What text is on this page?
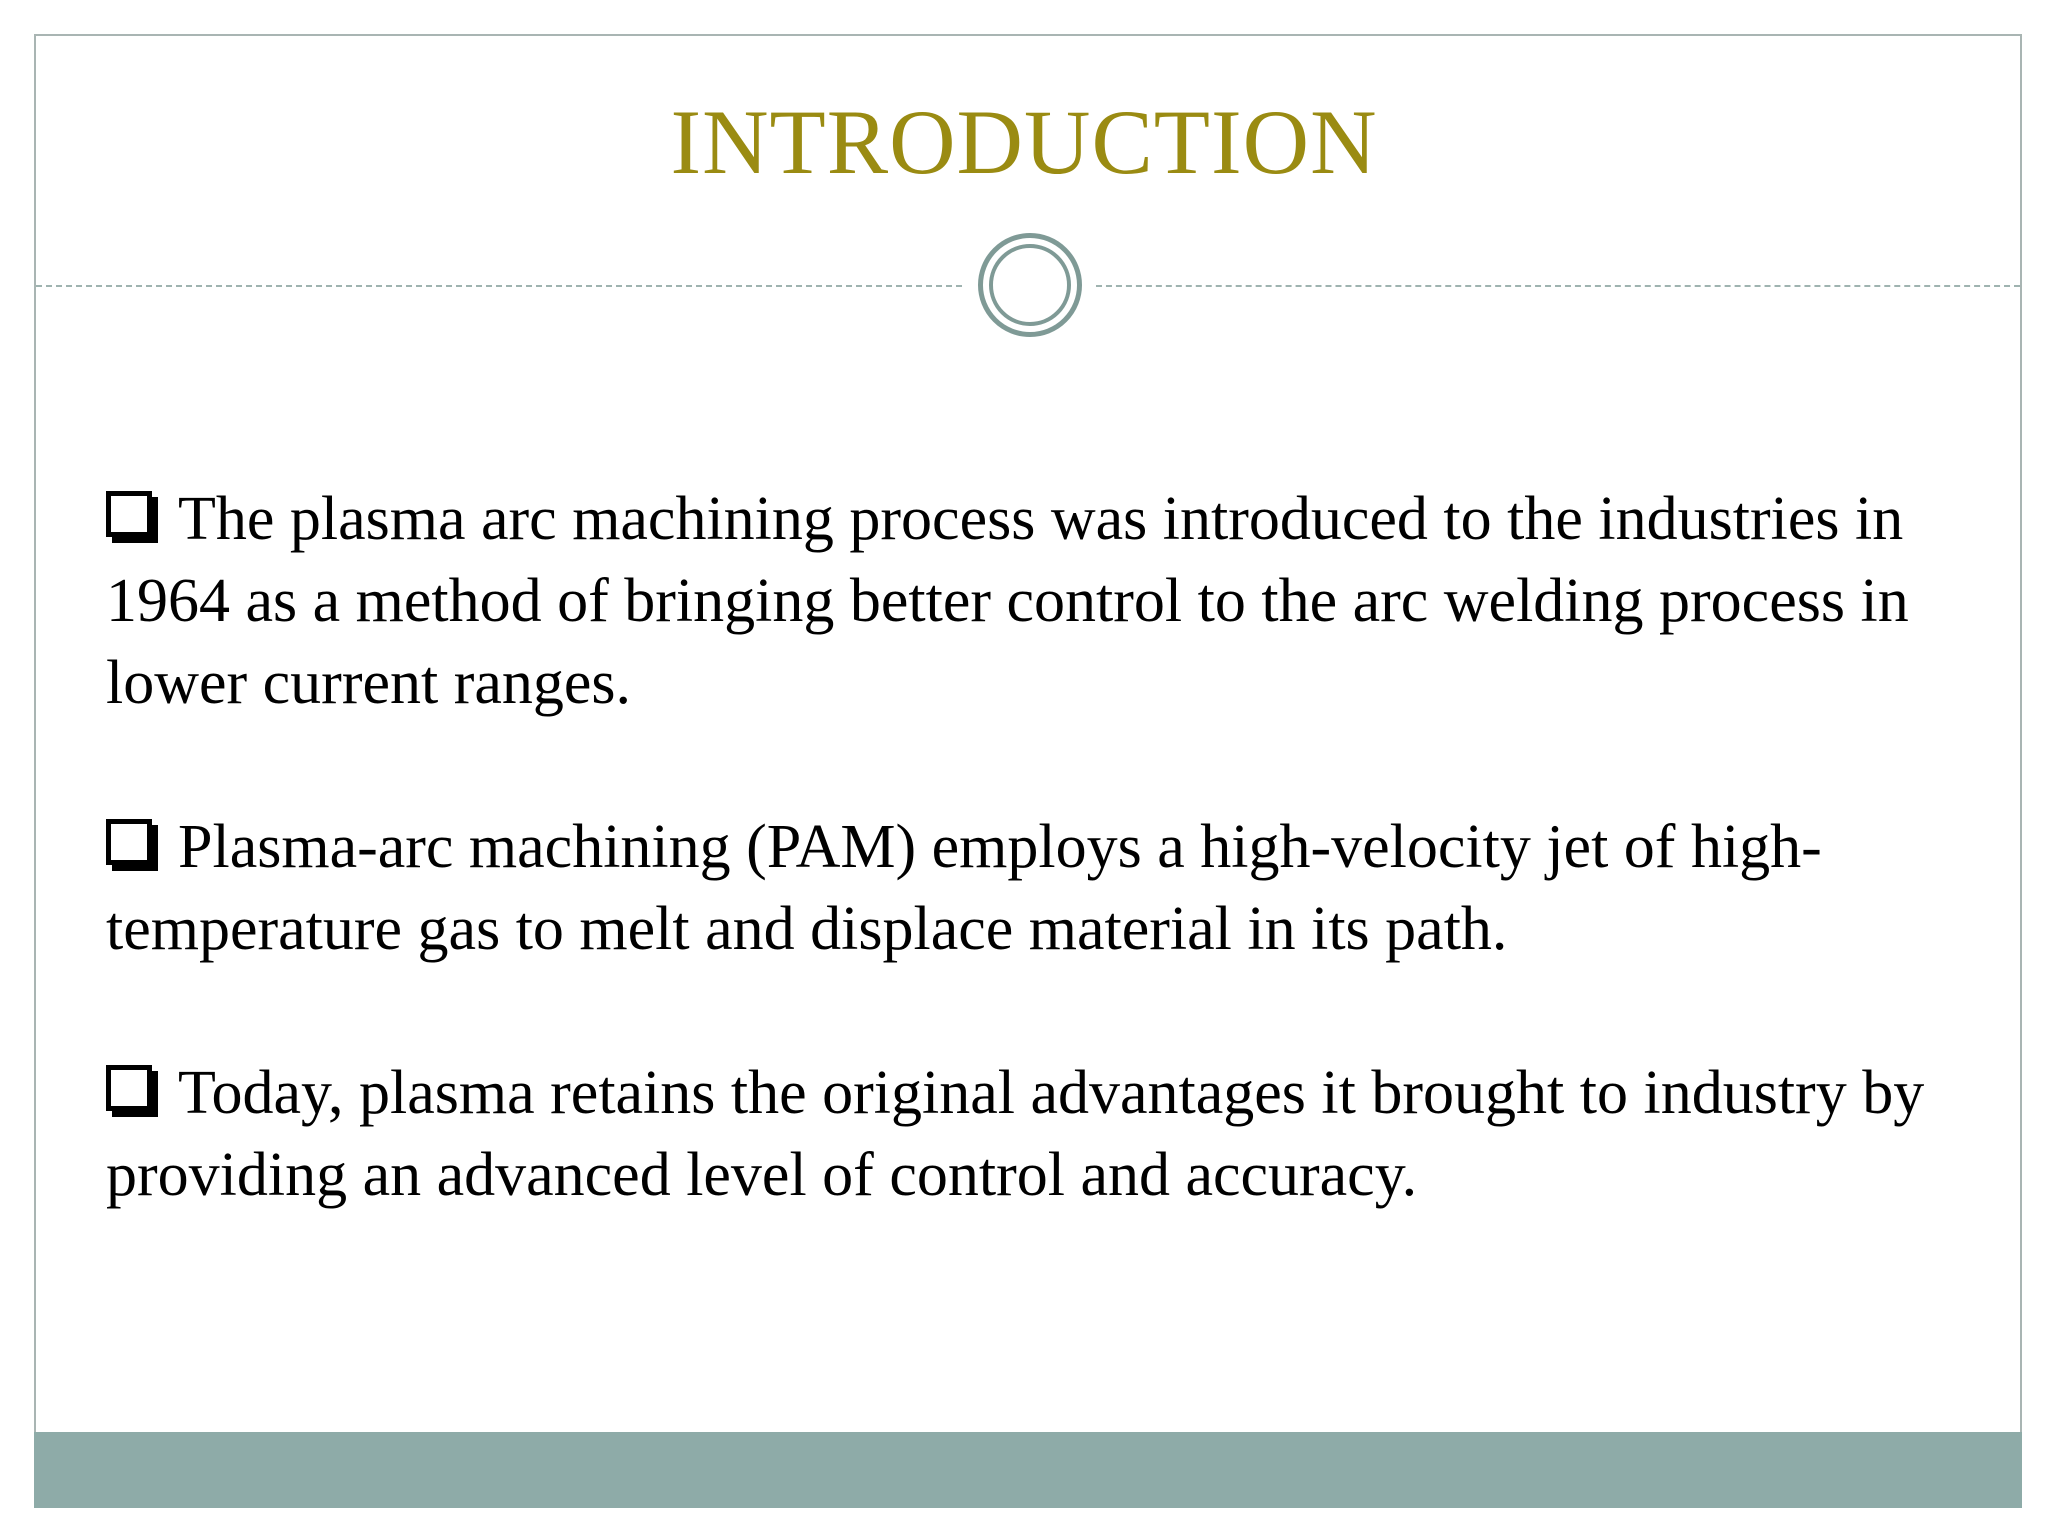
INTRODUCTION
The plasma arc machining process was introduced to the industries in 1964 as a method of bringing better control to the arc welding process in lower current ranges.
Plasma-arc machining (PAM) employs a high-velocity jet of high-temperature gas to melt and displace material in its path.
Today, plasma retains the original advantages it brought to industry by providing an advanced level of control and accuracy.
